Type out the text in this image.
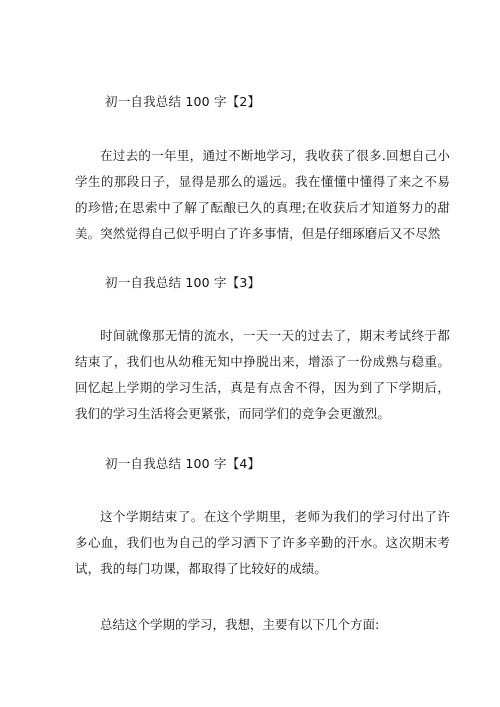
初一自我总结 100 字【2】
在过去的一年里，通过不断地学习，我收获了很多.回想自己小学生的那段日子，显得是那么的遥远。我在懂懂中懂得了来之不易的珍惜;在思索中了解了酝酿已久的真理;在收获后才知道努力的甜美。突然觉得自己似乎明白了许多事情，但是仔细琢磨后又不尽然
初一自我总结 100 字【3】
时间就像那无情的流水，一天一天的过去了，期末考试终于都结束了，我们也从幼稚无知中挣脱出来，增添了一份成熟与稳重。回忆起上学期的学习生活，真是有点舍不得，因为到了下学期后，我们的学习生活将会更紧张，而同学们的竞争会更激烈。
初一自我总结 100 字【4】
这个学期结束了。在这个学期里，老师为我们的学习付出了许多心血，我们也为自己的学习洒下了许多辛勤的汗水。这次期末考试，我的每门功课，都取得了比较好的成绩。
总结这个学期的学习，我想，主要有以下几个方面:
